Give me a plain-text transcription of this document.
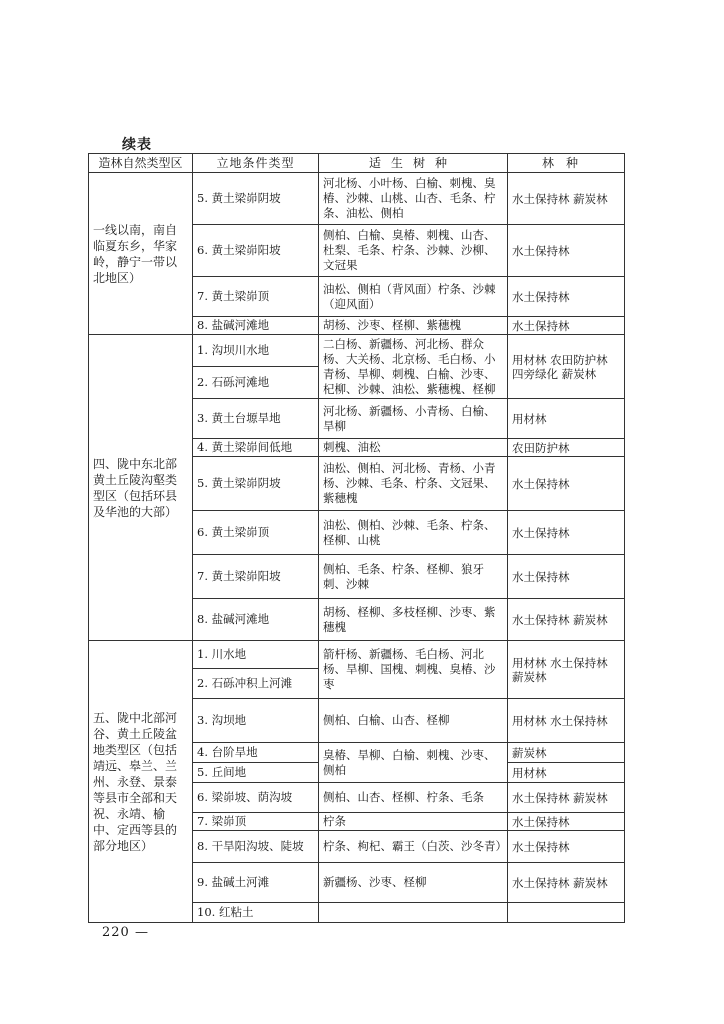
续表
造林自然类型区	立地条件类型	适生树种	林种
一线以南，南自临夏东乡，华家岭，静宁一带以北地区）	5. 黄土梁峁阴坡	河北杨、小叶杨、白榆、刺槐、臭椿、沙棘、山桃、山杏、毛条、柠条、油松、侧柏	水土保持林 薪炭林
	6. 黄土梁峁阳坡	侧柏、白榆、臭椿、刺槐、山杏、杜梨、毛条、柠条、沙棘、沙柳、文冠果	水土保持林
	7. 黄土梁峁顶	油松、侧柏（背风面）柠条、沙棘（迎风面）	水土保持林
	8. 盐碱河滩地	胡杨、沙枣、柽柳、紫穗槐	水土保持林
四、陇中东北部黄土丘陵沟壑类型区（包括环县及华池的大部）	1. 沟坝川水地	二白杨、新疆杨、河北杨、群众杨、大关杨、北京杨、毛白杨、小青杨、旱柳、刺槐、白榆、沙枣、杞柳、沙棘、油松、紫穗槐、柽柳	用材林 农田防护林 四旁绿化 薪炭林
	2. 石砾河滩地		
	3. 黄土台塬旱地	河北杨、新疆杨、小青杨、白榆、旱柳	用材林
	4. 黄土梁峁间低地	刺槐、油松	农田防护林
	5. 黄土梁峁阴坡	油松、侧柏、河北杨、青杨、小青杨、沙棘、毛条、柠条、文冠果、紫穗槐	水土保持林
	6. 黄土梁峁顶	油松、侧柏、沙棘、毛条、柠条、柽柳、山桃	水土保持林
	7. 黄土梁峁阳坡	侧柏、毛条、柠条、柽柳、狼牙刺、沙棘	水土保持林
	8. 盐碱河滩地	胡杨、柽柳、多枝柽柳、沙枣、紫穗槐	水土保持林 薪炭林
五、陇中北部河谷、黄土丘陵盆地类型区（包括靖远、皋兰、兰州、永登、景泰等县市全部和天祝、永靖、榆中、定西等县的部分地区）	1. 川水地	箭杆杨、新疆杨、毛白杨、河北杨、旱柳、国槐、刺槐、臭椿、沙枣	用材林 水土保持林 薪炭林
	2. 石砾冲积上河滩		
	3. 沟坝地	侧柏、白榆、山杏、柽柳	用材林 水土保持林
	4. 台阶旱地	臭椿、旱柳、白榆、刺槐、沙枣、侧柏	薪炭林
	5. 丘间地		用材林
	6. 梁峁坡、荫沟坡	侧柏、山杏、柽柳、柠条、毛条	水土保持林 薪炭林
	7. 梁峁顶	柠条	水土保持林
	8. 干旱阳沟坡、陡坡	柠条、枸杞、霸王（白茨、沙冬青）	水土保持林
	9. 盐碱土河滩	新疆杨、沙枣、柽柳	水土保持林 薪炭林
	10. 红粘土		
220 —
